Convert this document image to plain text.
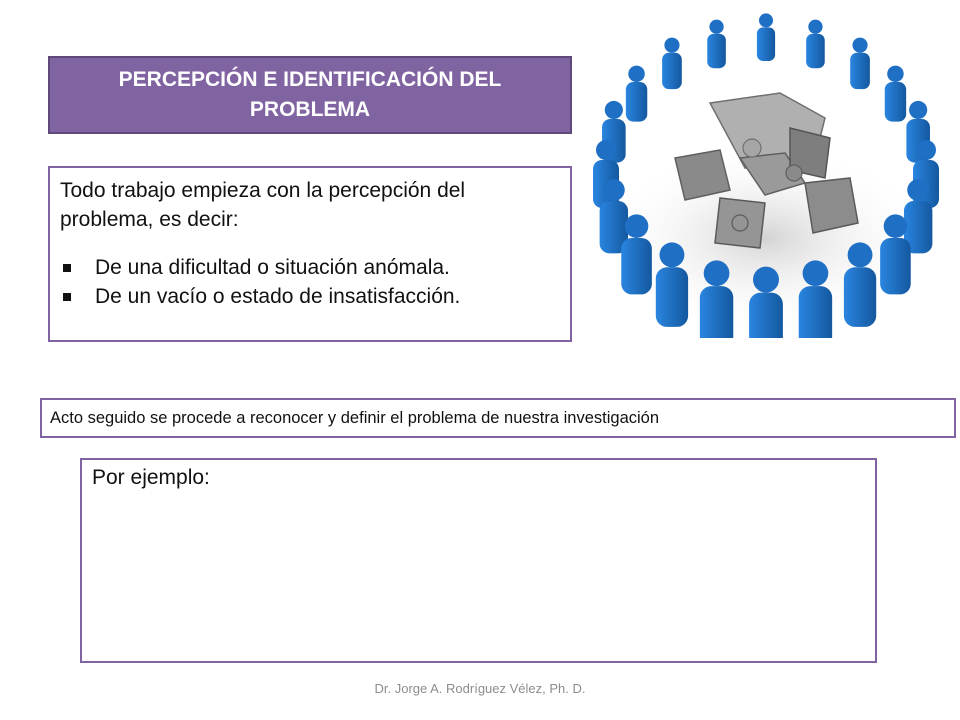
PERCEPCIÓN E IDENTIFICACIÓN DEL PROBLEMA

Todo trabajo empieza con la percepción del problema, es decir:

De una dificultad o situación anómala.
De un vacío o estado de insatisfacción.
Acto seguido se procede a reconocer y definir el problema de nuestra investigación
Por ejemplo:
Dr. Jorge A. Rodríguez Vélez, Ph. D.
